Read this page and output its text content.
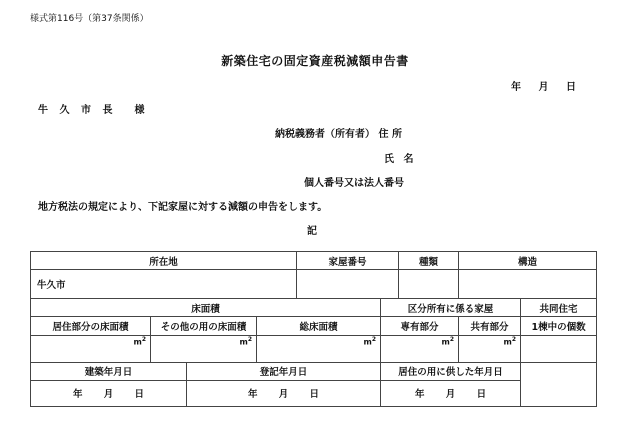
様式第116号（第37条関係）
新築住宅の固定資産税減額申告書
年 月 日
牛 久 市 長 様
納税義務者（所有者） 住 所
氏 名
個人番号又は法人番号
地方税法の規定により、下記家屋に対する減額の申告をします。
記
所在地				家屋番号		種類	構造	
牛久市								
床面積					区分所有に係る家屋			共同住宅
居住部分の床面積	その他の用の床面積		総床面積		専有部分		共有部分	1棟中の個数
$m^2$	$m^2$		$m^2$		$m^2$		$m^2$	
建築年月日		登記年月日			居住の用に供した年月日			
年 月 日		年 月 日			年 月 日			
